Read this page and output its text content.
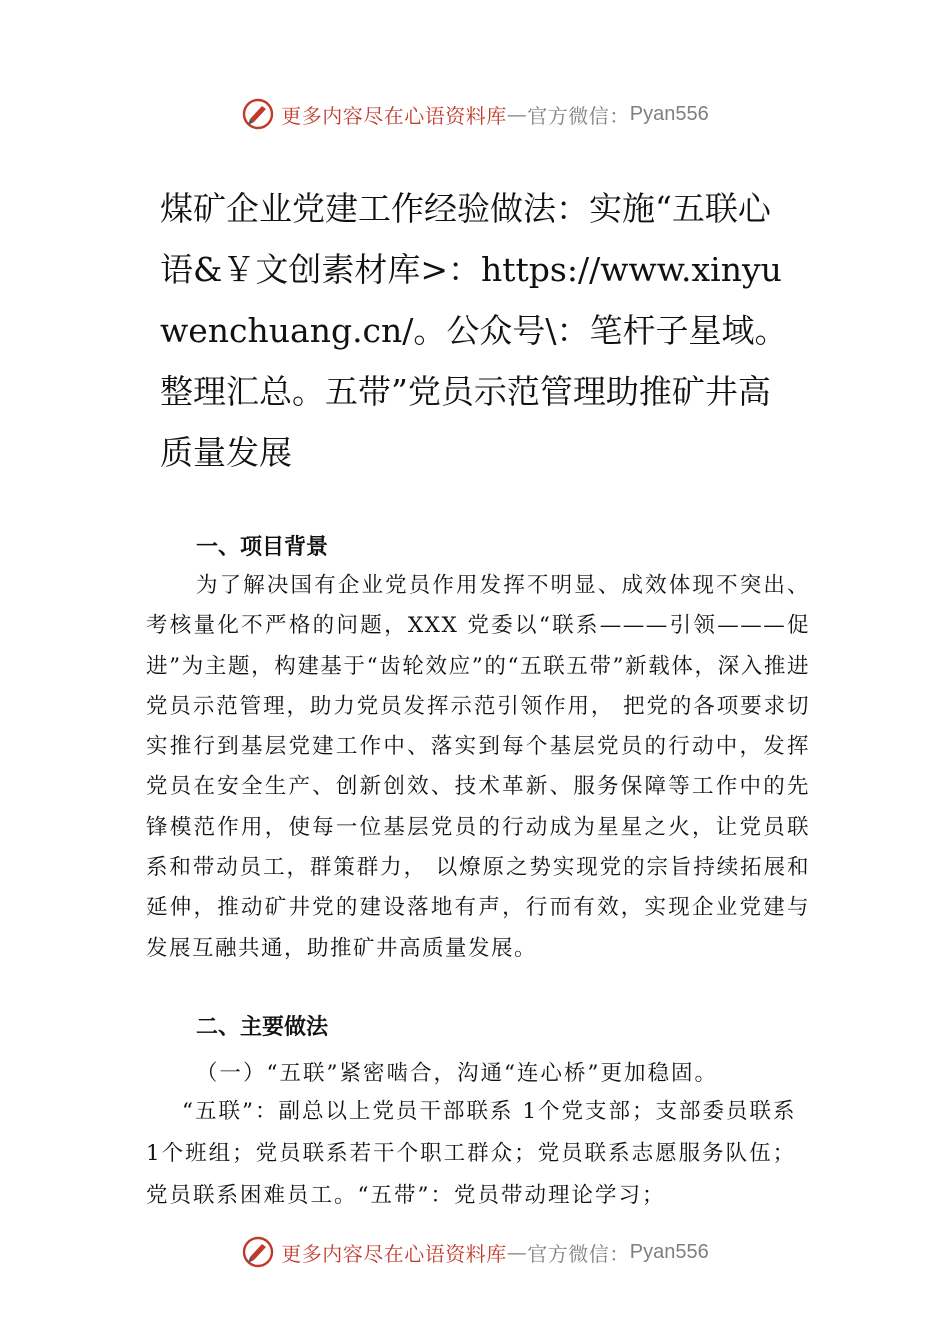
更多内容尽在心语资料库 — 官方微信： Pyan556
煤矿企业党建工作经验做法：实施“五联心语&￥文创素材库>：https://www.xinyuwenchuang.cn/。公众号\：笔杆子星域。整理汇总。五带”党员示范管理助推矿井高质量发展
一、项目背景

为了解决国有企业党员作用发挥不明显、成效体现不突出、考核量化不严格的问题，XXX 党委以“联系———引领———促进”为主题，构建基于“齿轮效应”的“五联五带”新载体，深入推进党员示范管理，助力党员发挥示范引领作用， 把党的各项要求切实推行到基层党建工作中、落实到每个基层党员的行动中，发挥党员在安全生产、创新创效、技术革新、服务保障等工作中的先锋模范作用，使每一位基层党员的行动成为星星之火，让党员联系和带动员工，群策群力， 以燎原之势实现党的宗旨持续拓展和延伸，推动矿井党的建设落地有声，行而有效，实现企业党建与发展互融共通，助推矿井高质量发展。

二、主要做法

（一）“五联”紧密啮合，沟通“连心桥”更加稳固。

“五联”：副总以上党员干部联系 1个党支部；支部委员联系 1个班组；党员联系若干个职工群众；党员联系志愿服务队伍；党员联系困难员工。“五带”：党员带动理论学习；

更多内容尽在心语资料库 — 官方微信： Pyan556
